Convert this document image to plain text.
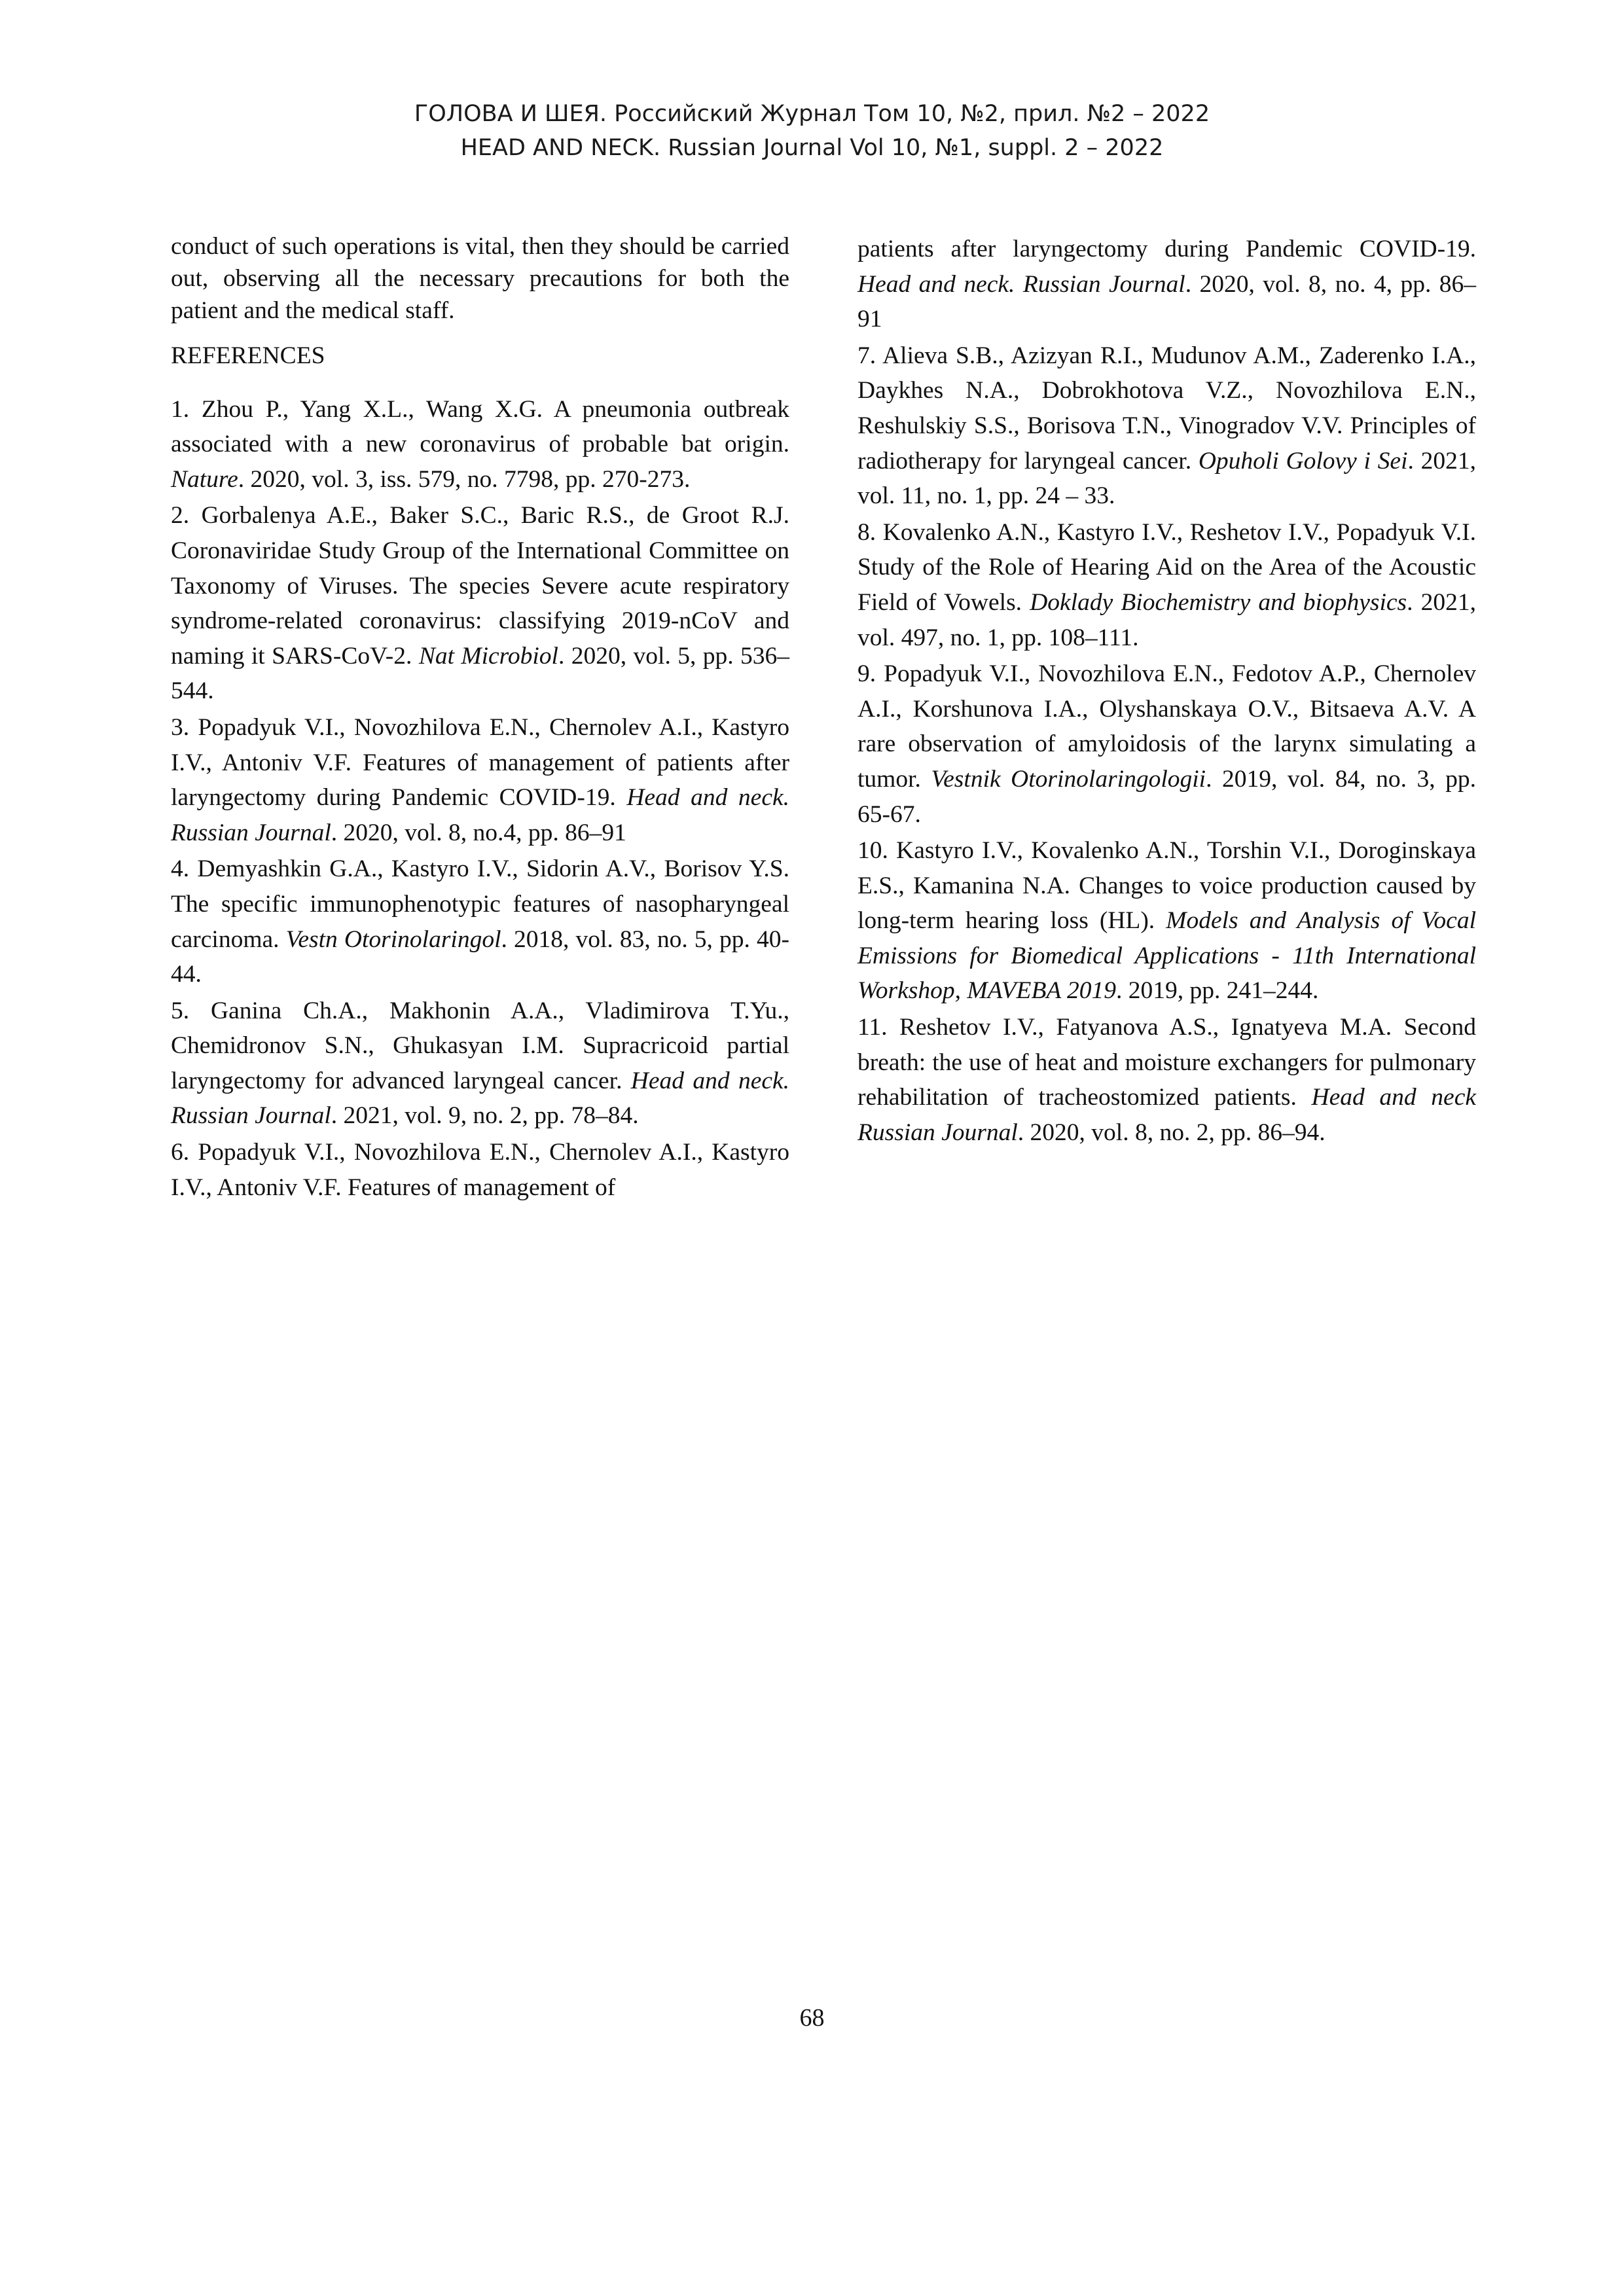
ГОЛОВА И ШЕЯ. Российский Журнал Том 10, №2, прил. №2 – 2022
HEAD AND NECK. Russian Journal Vol 10, №1, suppl. 2 – 2022

conduct of such operations is vital, then they should be carried out, observing all the necessary precautions for both the patient and the medical staff.

REFERENCES

1. Zhou P., Yang X.L., Wang X.G. A pneumonia outbreak associated with a new coronavirus of probable bat origin. Nature. 2020, vol. 3, iss. 579, no. 7798, pp. 270-273.

2. Gorbalenya A.E., Baker S.C., Baric R.S., de Groot R.J. Coronaviridae Study Group of the International Committee on Taxonomy of Viruses. The species Severe acute respiratory syndrome-related coronavirus: classifying 2019-nCoV and naming it SARS-CoV-2. Nat Microbiol. 2020, vol. 5, pp. 536–544.

3. Popadyuk V.I., Novozhilova E.N., Chernolev A.I., Kastyro I.V., Antoniv V.F. Features of management of patients after laryngectomy during Pandemic COVID-19. Head and neck. Russian Journal. 2020, vol. 8, no.4, pp. 86–91

4. Demyashkin G.A., Kastyro I.V., Sidorin A.V., Borisov Y.S. The specific immunophenotypic features of nasopharyngeal carcinoma. Vestn Otorinolaringol. 2018, vol. 83, no. 5, pp. 40-44.

5. Ganina Ch.A., Makhonin A.A., Vladimirova T.Yu., Chemidronov S.N., Ghukasyan I.M. Supracricoid partial laryngectomy for advanced laryngeal cancer. Head and neck. Russian Journal. 2021, vol. 9, no. 2, pp. 78–84.

6. Popadyuk V.I., Novozhilova E.N., Chernolev A.I., Kastyro I.V., Antoniv V.F. Features of management of

patients after laryngectomy during Pandemic COVID-19. Head and neck. Russian Journal. 2020, vol. 8, no. 4, pp. 86–91

7. Alieva S.B., Azizyan R.I., Mudunov A.M., Zaderenko I.A., Daykhes N.A., Dobrokhotova V.Z., Novozhilova E.N., Reshulskiy S.S., Borisova T.N., Vinogradov V.V. Principles of radiotherapy for laryngeal cancer. Opuholi Golovy i Sei. 2021, vol. 11, no. 1, pp. 24 – 33.

8. Kovalenko A.N., Kastyro I.V., Reshetov I.V., Popadyuk V.I. Study of the Role of Hearing Aid on the Area of the Acoustic Field of Vowels. Doklady Biochemistry and biophysics. 2021, vol. 497, no. 1, pp. 108–111.

9. Popadyuk V.I., Novozhilova E.N., Fedotov A.P., Chernolev A.I., Korshunova I.A., Olyshanskaya O.V., Bitsaeva A.V. A rare observation of amyloidosis of the larynx simulating a tumor. Vestnik Otorinolaringologii. 2019, vol. 84, no. 3, pp. 65-67.

10. Kastyro I.V., Kovalenko A.N., Torshin V.I., Doroginskaya E.S., Kamanina N.A. Changes to voice production caused by long-term hearing loss (HL). Models and Analysis of Vocal Emissions for Biomedical Applications - 11th International Workshop, MAVEBA 2019. 2019, pp. 241–244.

11. Reshetov I.V., Fatyanova A.S., Ignatyeva M.A. Second breath: the use of heat and moisture exchangers for pulmonary rehabilitation of tracheostomized patients. Head and neck Russian Journal. 2020, vol. 8, no. 2, pp. 86–94.

68
